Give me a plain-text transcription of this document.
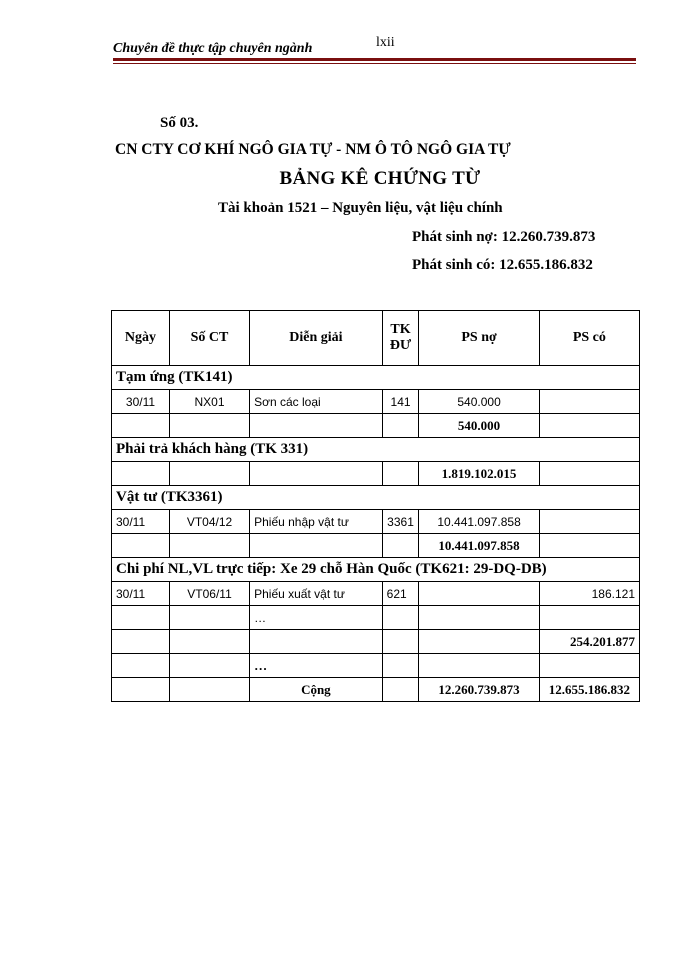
Chuyên đề thực tập chuyên ngành	lxii
Số 03.
CN CTY CƠ KHÍ NGÔ GIA TỰ - NM Ô TÔ NGÔ GIA TỰ
BẢNG KÊ CHỨNG TỪ
Tài khoản 1521 – Nguyên liệu, vật liệu chính
Phát sinh nợ: 12.260.739.873
Phát sinh có: 12.655.186.832
Ngày	Số CT	Diễn giải	TK ĐƯ	PS nợ	PS có
Tạm ứng (TK141)					
30/11	NX01	Sơn các loại	141	540.000	
				540.000	
Phải trả khách hàng (TK 331)					
				1.819.102.015	
Vật tư (TK3361)					
30/11	VT04/12	Phiếu nhập vật tư	3361	10.441.097.858	
				10.441.097.858	
Chi phí NL,VL trực tiếp: Xe 29 chỗ Hàn Quốc (TK621: 29-DQ-DB)					
30/11	VT06/11	Phiếu xuất vật tư	621		186.121
		…			
					254.201.877
		…			
		Cộng		12.260.739.873	12.655.186.832
